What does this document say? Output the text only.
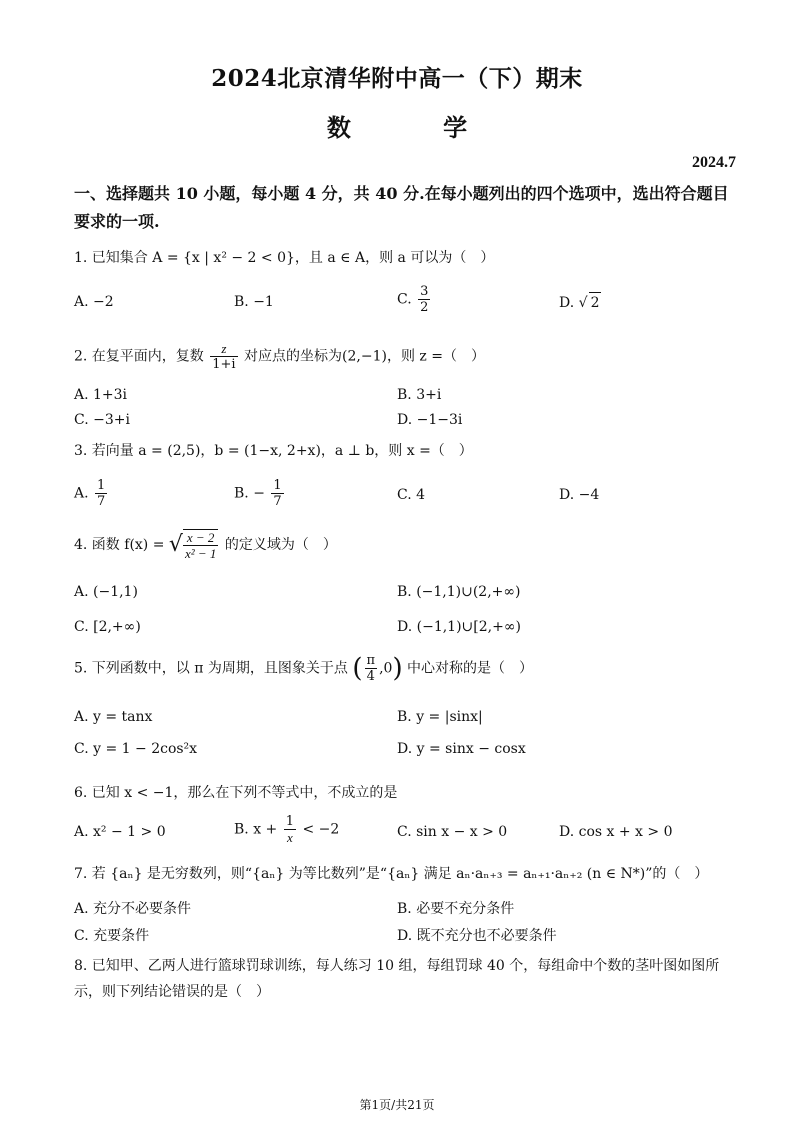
2024北京清华附中高一（下）期末
数 学
2024.7
一、选择题共 10 小题，每小题 4 分，共 40 分.在每小题列出的四个选项中，选出符合题目要求的一项.
1. 已知集合 A = {x | x² − 2 < 0}，且 a ∈ A，则 a 可以为（　）
A. −2	B. −1	C. $\frac{3}{2}$	D. √ 2
2. 在复平面内，复数 $\frac{z}{1+i}$ 对应点的坐标为(2,−1)，则 z =（　）
A. 1+3i	B. 3+i
C. −3+i	D. −1−3i
3. 若向量 a = (2,5)，b = (1−x, 2+x)，a ⊥ b，则 x =（　）
A. $\frac{1}{7}$	B. − $\frac{1}{7}$	C. 4	D. −4
4. 函数 f(x) = √ $\frac{x - 2}{\text{x² − 1}}$ 的定义域为（　）
A. (−1,1)	B. (−1,1)∪(2,+∞)
C. [2,+∞)	D. (−1,1)∪[2,+∞)
5. 下列函数中，以 π 为周期，且图象关于点 ( $\frac{\pi}{4} ,0$) 中心对称的是（　）
A. y = tanx	B. y = |sinx|
C. y = 1 − 2cos²x	D. y = sinx − cosx
6. 已知 x < −1，那么在下列不等式中，不成立的是
A. x² − 1 > 0	B. $x + \frac{1}{x} < -2$	C. sin x − x > 0	D. cos x + x > 0
7. 若 {aₙ} 是无穷数列，则“{aₙ} 为等比数列”是“{aₙ} 满足 aₙ·aₙ₊₃ = aₙ₊₁·aₙ₊₂ (n ∈ N*)”的（　）
A. 充分不必要条件	B. 必要不充分条件
C. 充要条件	D. 既不充分也不必要条件
8. 已知甲、乙两人进行篮球罚球训练，每人练习 10 组，每组罚球 40 个，每组命中个数的茎叶图如图所示，则下列结论错误的是（　）
第1页/共21页
